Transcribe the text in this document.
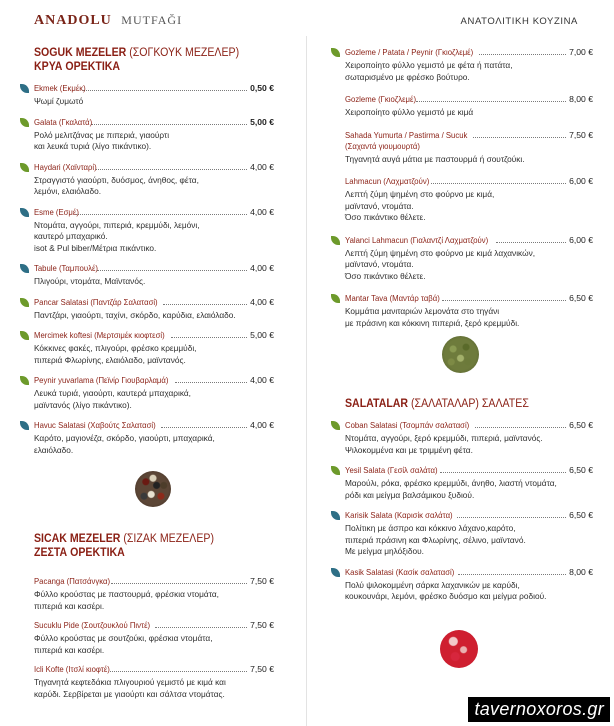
ANADOLU MUTFAĞI	ΑΝΑΤΟΛΙΤΙΚΗ ΚΟΥΖΙΝΑ
SOGUK MEZELER (ΣΟΓΚΟΥΚ ΜΕΖΕΛΕΡ)
ΚΡΥΑ ΟΡΕΚΤΙΚΑ
Ekmek (Εκμέκ)	0,50 €
Ψωμί ζυμωτό
Galata (Γκαλατά)	5,00 €
Ρολό μελιτζάνας με πιπεριά, γιαούρτι
και λευκά τυριά (λίγο πικάντικο).
Haydari (Χαϊνταρί)	4,00 €
Στραγγιστό γιαούρτι, δυόσμος, άνηθος, φέτα,
λεμόνι, ελαιόλαδο.
Esme (Εσμέ)	4,00 €
Ντομάτα, αγγούρι, πιπεριά, κρεμμύδι, λεμόνι,
καυτερό μπαχαρικό.
isot & Pul biber/Μέτρια πικάντικο.
Tabule (Ταμπουλέ)	4,00 €
Πλιγούρι, ντομάτα, Μαϊντανός.
Pancar Salatasi (Παντζάρ Σαλατασί)	4,00 €
Παντζάρι, γιαούρτι, ταχίνι, σκόρδο, καρύδια, ελαιόλαδο.
Mercimek koftesi (Μερτσιμέκ κιοφτεσί)	5,00 €
Κόκκινες φακές, πλιγούρι, φρέσκο κρεμμύδι,
πιπεριά Φλωρίνης, ελαιόλαδο, μαϊντανός.
Peynir yuvarlama (Πεϊνίρ Γιουβαρλαμά)	4,00 €
Λευκά τυριά, γιαούρτι, καυτερά μπαχαρικά,
μαϊντανός (λίγο πικάντικο).
Havuc Salatasi (Χαβούτς Σαλατασί)	4,00 €
Καρότο, μαγιονέζα, σκόρδο, γιαούρτι, μπαχαρικά,
ελαιόλαδο.
SICAK MEZELER (ΣΙΖΑΚ ΜΕΖΕΛΕΡ)
ΖΕΣΤΑ ΟΡΕΚΤΙΚΑ
Pacanga (Πατσάνγκα)	7,50 €
Φύλλο κρούστας με παστουρμά, φρέσκια ντομάτα,
πιπεριά και κασέρι.
Sucuklu Pide (Σουτζουκλού Πιντέ)	7,50 €
Φύλλο κρούστας με σουτζούκι, φρέσκια ντομάτα,
πιπεριά και κασέρι.
Icli Kofte (Ιτσλί κιοφτέ)	7,50 €
Τηγανητά κεφτεδάκια πλιγουριού γεμιστό με κιμά και
καρύδι. Σερβίρεται με γιαούρτι και σάλτσα ντομάτας.
Gozleme / Patata / Peynir (Γκιοζλεμέ)	7,00 €
Χειροποίητο φύλλο γεμιστό με φέτα ή πατάτα,
σωταρισμένο με φρέσκο βούτυρο.
Gozleme (Γκιοζλεμέ)	8,00 €
Χειροποίητο φύλλο γεμιστό με κιμά
Sahada Yumurta / Pastirma / Sucuk	7,50 €
(Σαχαντά γιουμουρτά)
Τηγανητά αυγά μάτια με παστουρμά ή σουτζούκι.
Lahmacun (Λαχματζούν)	6,00 €
Λεπτή ζύμη ψημένη στο φούρνο με κιμά,
μαϊντανό, ντομάτα.
Όσο πικάντικο θέλετε.
Yalanci Lahmacun (Γιαλαντζί Λαχματζούν)	6,00 €
Λεπτή ζύμη ψημένη στο φούρνο με κιμά λαχανικών,
μαϊντανό, ντομάτα.
Όσο πικάντικο θέλετε.
Mantar Tava (Μαντάρ ταβά)	6,50 €
Κομμάτια μανιταριών λεμονάτα στο τηγάνι
με πράσινη και κόκκινη πιπεριά, ξερό κρεμμύδι.
SALATALAR (ΣΑΛΑΤΑΛΑΡ) ΣΑΛΑΤΕΣ
Coban Salatasi (Τσομπάν σαλατασί)	6,50 €
Ντομάτα, αγγούρι, ξερό κρεμμύδι, πιπεριά, μαϊντανός.
Ψιλοκομμένα και με τριμμένη φέτα.
Yesil Salata (Γεσίλ σαλάτα)	6,50 €
Μαρούλι, ρόκα, φρέσκο κρεμμύδι, άνηθο, λιαστή ντομάτα,
ρόδι και μείγμα βαλσάμικου ξυδιού.
Karisik Salata (Καρισίκ σαλάτα)	6,50 €
Πολίτικη με άσπρο και κόκκινο λάχανο,καρότο,
πιπεριά πράσινη και Φλωρίνης, σέλινο, μαϊντανό.
Με μείγμα μηλόξιδου.
Kasik Salatasi (Κασίκ σαλατασί)	8,00 €
Πολύ ψιλοκομμένη σάρκα λαχανικών με καρύδι,
κουκουνάρι, λεμόνι, φρέσκο δυόσμο και μείγμα ροδιού.
tavernoxoros.gr
